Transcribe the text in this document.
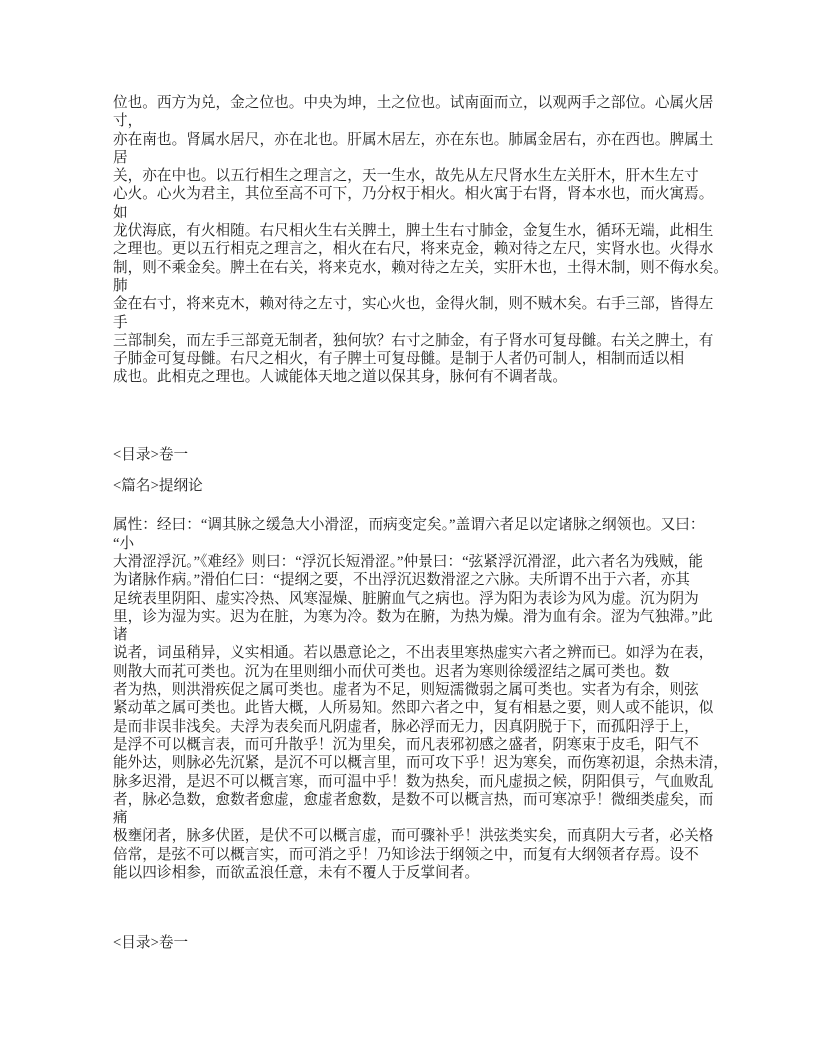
位也。西方为兑，金之位也。中央为坤，土之位也。试南面而立，以观两手之部位。心属火居
寸，
亦在南也。肾属水居尺，亦在北也。肝属木居左，亦在东也。肺属金居右，亦在西也。脾属土
居
关，亦在中也。以五行相生之理言之，天一生水，故先从左尺肾水生左关肝木，肝木生左寸
心火。心火为君主，其位至高不可下，乃分权于相火。相火寓于右肾，肾本水也，而火寓焉。
如
龙伏海底，有火相随。右尺相火生右关脾土，脾土生右寸肺金，金复生水，循环无端，此相生
之理也。更以五行相克之理言之，相火在右尺，将来克金，赖对待之左尺，实肾水也。火得水
制，则不乘金矣。脾土在右关，将来克水，赖对待之左关，实肝木也，土得木制，则不侮水矣。
肺
金在右寸，将来克木，赖对待之左寸，实心火也，金得火制，则不贼木矣。右手三部，皆得左
手
三部制矣，而左手三部竟无制者，独何欤？右寸之肺金，有子肾水可复母雠。右关之脾土，有
子肺金可复母雠。右尺之相火，有子脾土可复母雠。是制于人者仍可制人，相制而适以相
成也。此相克之理也。人诚能体天地之道以保其身，脉何有不调者哉。
<目录>卷一
<篇名>提纲论
属性：经曰：“调其脉之缓急大小滑涩，而病变定矣。”盖谓六者足以定诸脉之纲领也。又曰：
“小
大滑涩浮沉。”《难经》则曰：“浮沉长短滑涩。”仲景曰：“弦紧浮沉滑涩，此六者名为残贼，能
为诸脉作病。”滑伯仁曰：“提纲之要，不出浮沉迟数滑涩之六脉。夫所谓不出于六者，亦其
足统表里阴阳、虚实冷热、风寒湿燥、脏腑血气之病也。浮为阳为表诊为风为虚。沉为阴为
里，诊为湿为实。迟为在脏，为寒为冷。数为在腑，为热为燥。滑为血有余。涩为气独滞。”此
诸
说者，词虽稍异，义实相通。若以愚意论之，不出表里寒热虚实六者之辨而已。如浮为在表，
则散大而芤可类也。沉为在里则细小而伏可类也。迟者为寒则徐缓涩结之属可类也。数
者为热，则洪滑疾促之属可类也。虚者为不足，则短濡微弱之属可类也。实者为有余，则弦
紧动革之属可类也。此皆大概，人所易知。然即六者之中，复有相悬之要，则人或不能识，似
是而非误非浅矣。夫浮为表矣而凡阴虚者，脉必浮而无力，因真阴脱于下，而孤阳浮于上，
是浮不可以概言表，而可升散乎！沉为里矣，而凡表邪初感之盛者，阴寒束于皮毛，阳气不
能外达，则脉必先沉紧，是沉不可以概言里，而可攻下乎！迟为寒矣，而伤寒初退，余热未清，
脉多迟滑，是迟不可以概言寒，而可温中乎！数为热矣，而凡虚损之候，阴阳俱亏，气血败乱
者，脉必急数，愈数者愈虚，愈虚者愈数，是数不可以概言热，而可寒凉乎！微细类虚矣，而
痛
极壅闭者，脉多伏匿，是伏不可以概言虚，而可骤补乎！洪弦类实矣，而真阴大亏者，必关格
倍常，是弦不可以概言实，而可消之乎！乃知诊法于纲领之中，而复有大纲领者存焉。设不
能以四诊相参，而欲孟浪任意，未有不覆人于反掌间者。
<目录>卷一
